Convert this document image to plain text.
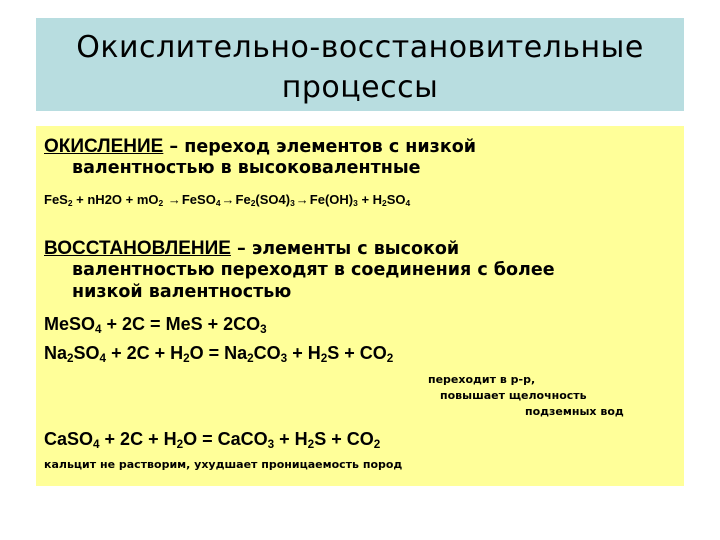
Окислительно-восстановительные
процессы
ОКИСЛЕНИЕ – переход элементов с низкой
валентностью в высоковалентные
$FeS_2 + nH2O + mO_2$ $\to FeSO_4\to Fe_2(SO4)_3\to Fe(OH)_3 + H_2SO_4$
ВОССТАНОВЛЕНИЕ – элементы с высокой
валентностью переходят в соединения с более
низкой валентностью
MeSO$_4$ + 2C = MeS + $2CO_3$
$Na_2SO_4 + 2C + H_2O = Na_2CO_3 + H_2S + CO_2$
переходит в р-р,
повышает щелочность
подземных вод
CaSO$_4$ + $2C + H_2O$ = CaCO$_3$ + $H_2S + CO_2$
кальцит не растворим, ухудшает проницаемость пород
